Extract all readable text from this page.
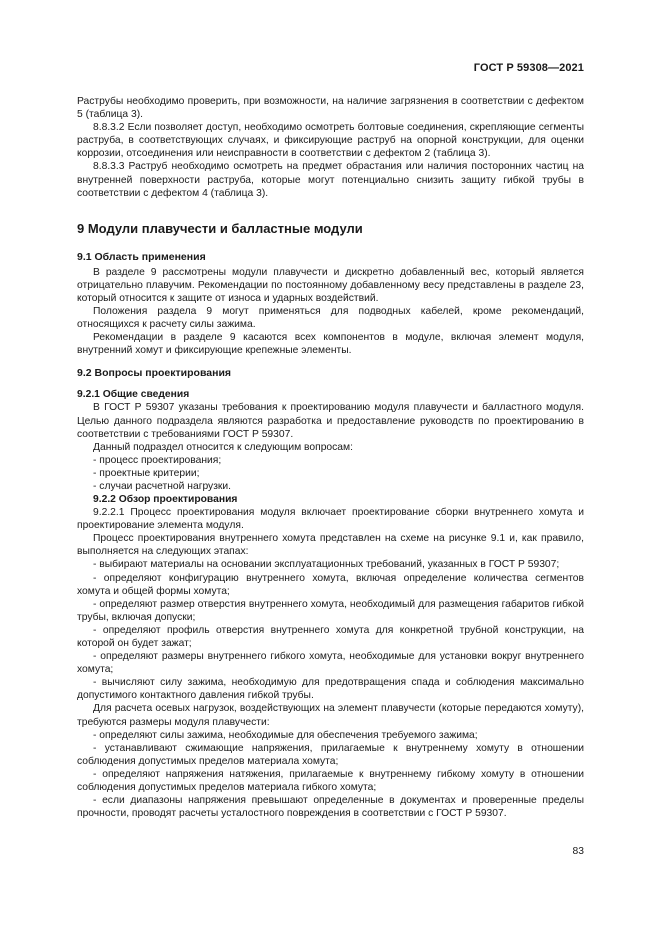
ГОСТ Р 59308—2021

Раструбы необходимо проверить, при возможности, на наличие загрязнения в соответствии с дефектом 5 (таблица 3).

8.8.3.2 Если позволяет доступ, необходимо осмотреть болтовые соединения, скрепляющие сегменты раструба, в соответствующих случаях, и фиксирующие раструб на опорной конструкции, для оценки коррозии, отсоединения или неисправности в соответствии с дефектом 2 (таблица 3).

8.8.3.3 Раструб необходимо осмотреть на предмет обрастания или наличия посторонних частиц на внутренней поверхности раструба, которые могут потенциально снизить защиту гибкой трубы в соответствии с дефектом 4 (таблица 3).

9 Модули плавучести и балластные модули
9.1 Область применения

В разделе 9 рассмотрены модули плавучести и дискретно добавленный вес, который является отрицательно плавучим. Рекомендации по постоянному добавленному весу представлены в разделе 23, который относится к защите от износа и ударных воздействий.

Положения раздела 9 могут применяться для подводных кабелей, кроме рекомендаций, относящихся к расчету силы зажима.

Рекомендации в разделе 9 касаются всех компонентов в модуле, включая элемент модуля, внутренний хомут и фиксирующие крепежные элементы.

9.2 Вопросы проектирования
9.2.1 Общие сведения

В ГОСТ Р 59307 указаны требования к проектированию модуля плавучести и балластного модуля. Целью данного подраздела являются разработка и предоставление руководств по проектированию в соответствии с требованиями ГОСТ Р 59307.

Данный подраздел относится к следующим вопросам:

- процесс проектирования;

- проектные критерии;

- случаи расчетной нагрузки.

9.2.2 Обзор проектирования

9.2.2.1 Процесс проектирования модуля включает проектирование сборки внутреннего хомута и проектирование элемента модуля.

Процесс проектирования внутреннего хомута представлен на схеме на рисунке 9.1 и, как правило, выполняется на следующих этапах:

- выбирают материалы на основании эксплуатационных требований, указанных в ГОСТ Р 59307;

- определяют конфигурацию внутреннего хомута, включая определение количества сегментов хомута и общей формы хомута;

- определяют размер отверстия внутреннего хомута, необходимый для размещения габаритов гибкой трубы, включая допуски;

- определяют профиль отверстия внутреннего хомута для конкретной трубной конструкции, на которой он будет зажат;

- определяют размеры внутреннего гибкого хомута, необходимые для установки вокруг внутреннего хомута;

- вычисляют силу зажима, необходимую для предотвращения спада и соблюдения максимально допустимого контактного давления гибкой трубы.

Для расчета осевых нагрузок, воздействующих на элемент плавучести (которые передаются хомуту), требуются размеры модуля плавучести:

- определяют силы зажима, необходимые для обеспечения требуемого зажима;

- устанавливают сжимающие напряжения, прилагаемые к внутреннему хомуту в отношении соблюдения допустимых пределов материала хомута;

- определяют напряжения натяжения, прилагаемые к внутреннему гибкому хомуту в отношении соблюдения допустимых пределов материала гибкого хомута;

- если диапазоны напряжения превышают определенные в документах и проверенные пределы прочности, проводят расчеты усталостного повреждения в соответствии с ГОСТ Р 59307.

83
